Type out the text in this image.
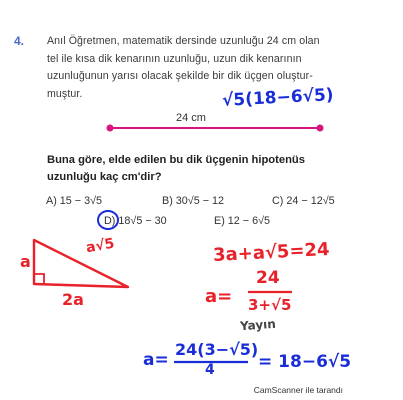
4. Anıl Öğretmen, matematik dersinde uzunluğu 24 cm olan
tel ile kısa dik kenarının uzunluğu, uzun dik kenarının
uzunluğunun yarısı olacak şekilde bir dik üçgen oluştur-
muştur.
24 cm
√5(18−6√5)
Buna göre, elde edilen bu dik üçgenin hipotenüs
uzunluğu kaç cm'dir?
A) 15 − 3√5	B) 30√5 − 12	C) 24 − 12√5
D) 18√5 − 30	E) 12 − 6√5
a
a√5
2a
3a+a√5=24
a=
24
3+√5
Yayın
a=
24(3−√5)
4	= 18−6√5
CamScanner ile tarandı
